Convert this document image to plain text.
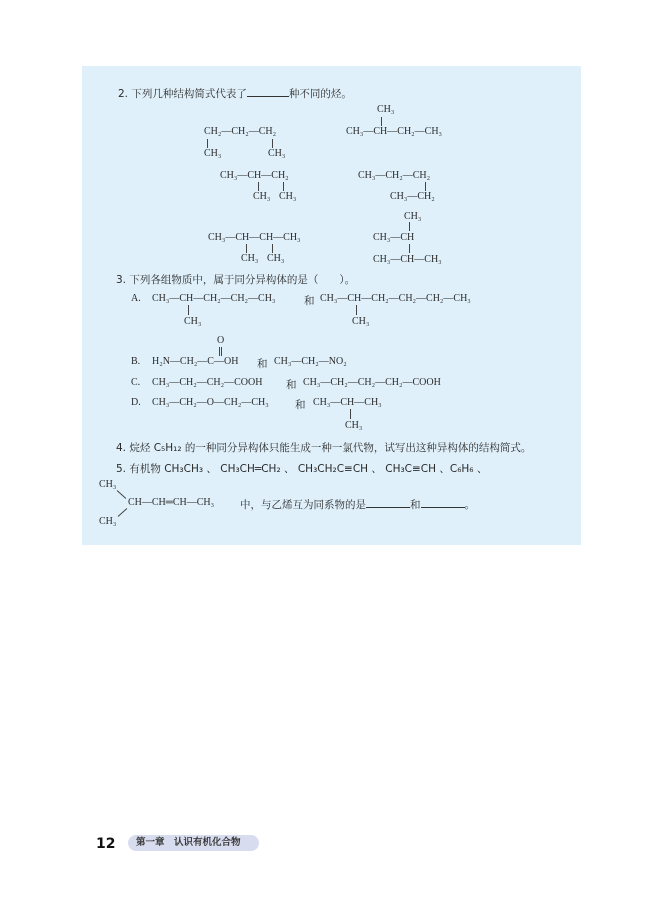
2. 下列几种结构简式代表了	种不同的烃。
CH₂—CH₂—CH₂
CH₃	CH₃
CH₃
CH₃—CH—CH₂—CH₃
CH₃—CH—CH₂
CH₃ CH₃
CH₃—CH₂—CH₂
CH₃—CH₂
CH₃
CH₃—CH
CH₃—CH—CH₃
CH₃—CH—CH—CH₃
CH₃ CH₃
3. 下列各组物质中，属于同分异构体的是（　　）。
A. CH₃—CH—CH₂—CH₂—CH₃	和 CH₃—CH—CH₂—CH₂—CH₂—CH₃
CH₃	CH₃
O
B. H₂N—CH₂—C—OH 和 CH₃—CH₂—NO₂
C. CH₃—CH₂—CH₂—COOH 和 CH₃—CH₂—CH₂—CH₂—COOH
D. CH₃—CH₂—O—CH₂—CH₃	和 CH₃—CH—CH₃
CH₃
4. 烷烃 C₅H₁₂ 的一种同分异构体只能生成一种一氯代物，试写出这种异构体的结构简式。
5. 有机物 CH₃CH₃ 、 CH₃CH═CH₂ 、 CH₃CH₂C≡CH 、 CH₃C≡CH 、C₆H₆ 、
CH₃
CH—CH═CH—CH₃
CH₃
中，与乙烯互为同系物的是	和	。
12	第一章　认识有机化合物
